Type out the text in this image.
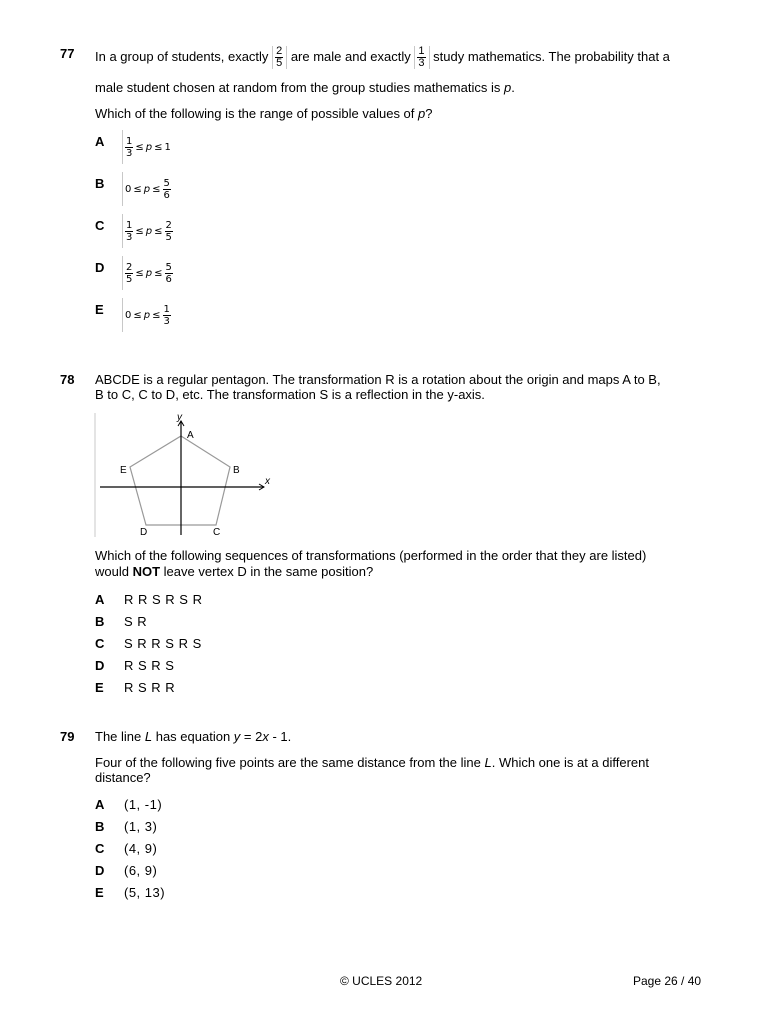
77 In a group of students, exactly $\frac{2}{5}$ are male and exactly $\frac{1}{3}$ study mathematics. The probability that a
male student chosen at random from the group studies mathematics is p.
Which of the following is the range of possible values of p?
A $\frac{1}{3} \le p \le 1$
B $0 \le p \le \frac{5}{6}$
C $\frac{1}{3} \le p \le \frac{2}{5}$
D $\frac{2}{5} \le p \le \frac{5}{6}$
E $0 \le p \le \frac{1}{3}$
78 ABCDE is a regular pentagon. The transformation R is a rotation about the origin and maps A to B,
B to C, C to D, etc. The transformation S is a reflection in the y-axis.
y
x
A
B
C
D
E
Which of the following sequences of transformations (performed in the order that they are listed)
would NOT leave vertex D in the same position?
A R R S R S R
B S R
C S R R S R S
D R S R S
E R S R R
79 The line L has equation y = 2x - 1.
Four of the following five points are the same distance from the line L. Which one is at a different
distance?
A (1, -1)
B (1, 3)
C (4, 9)
D (6, 9)
E (5, 13)
© UCLES 2012	Page 26 / 40
